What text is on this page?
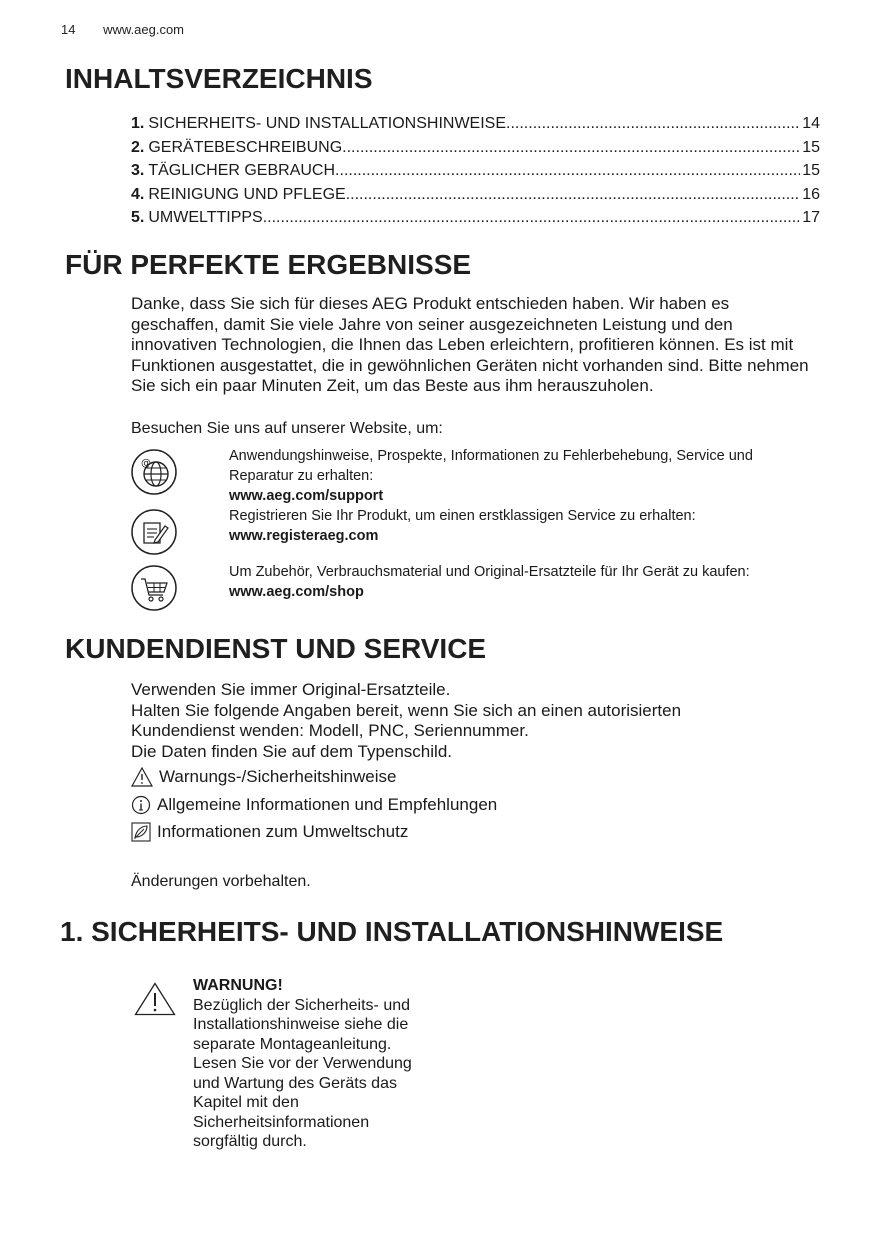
14 www.aeg.com
INHALTSVERZEICHNIS
1. SICHERHEITS- UND INSTALLATIONSHINWEISE .....	14
2. GERÄTEBESCHREIBUNG .....	15
3. TÄGLICHER GEBRAUCH .....	15
4. REINIGUNG UND PFLEGE .....	16
5. UMWELTTIPPS .....	17
FÜR PERFEKTE ERGEBNISSE
Danke, dass Sie sich für dieses AEG Produkt entschieden haben. Wir haben es geschaffen, damit Sie viele Jahre von seiner ausgezeichneten Leistung und den innovativen Technologien, die Ihnen das Leben erleichtern, profitieren können. Es ist mit Funktionen ausgestattet, die in gewöhnlichen Geräten nicht vorhanden sind. Bitte nehmen Sie sich ein paar Minuten Zeit, um das Beste aus ihm herauszuholen.
Besuchen Sie uns auf unserer Website, um:
@	Anwendungshinweise, Prospekte, Informationen zu Fehlerbehebung, Service und Reparatur zu erhalten:
www.aeg.com/support
Registrieren Sie Ihr Produkt, um einen erstklassigen Service zu erhalten:
www.registeraeg.com
Um Zubehör, Verbrauchsmaterial und Original-Ersatzteile für Ihr Gerät zu kaufen:
www.aeg.com/shop
KUNDENDIENST UND SERVICE
Verwenden Sie immer Original-Ersatzteile.
Halten Sie folgende Angaben bereit, wenn Sie sich an einen autorisierten Kundendienst wenden: Modell, PNC, Seriennummer.
Die Daten finden Sie auf dem Typenschild.
Warnungs-/Sicherheitshinweise
Allgemeine Informationen und Empfehlungen
Informationen zum Umweltschutz
Änderungen vorbehalten.
1. SICHERHEITS- UND INSTALLATIONSHINWEISE
WARNUNG!
Bezüglich der Sicherheits- und Installationshinweise siehe die separate Montageanleitung. Lesen Sie vor der Verwendung und Wartung des Geräts das Kapitel mit den Sicherheitsinformationen sorgfältig durch.
